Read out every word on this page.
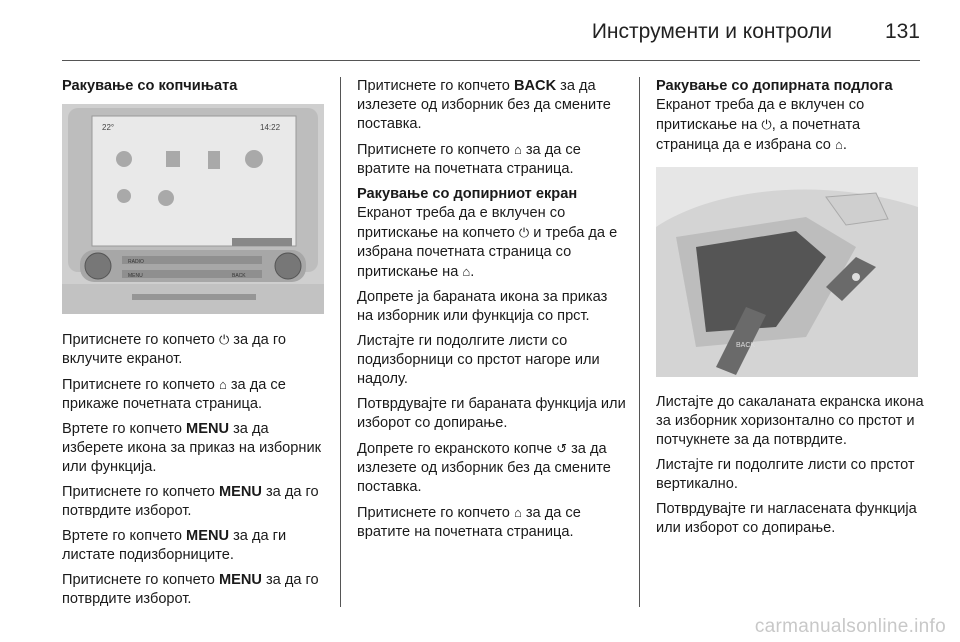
Инструменти и контроли	131
Ракување со копчињата
22°	14:22
RADIO
MENU	BACK

Притиснете го копчето ⏻ за да го вклучите екранот.

Притиснете го копчето ⌂ за да се прикаже почетната страница.

Вртете го копчето MENU за да изберете икона за приказ на изборник или функција.

Притиснете го копчето MENU за да го потврдите изборот.

Вртете го копчето MENU за да ги листате подизборниците.

Притиснете го копчето MENU за да го потврдите изборот.

Притиснете го копчето BACK за да излезете од изборник без да смените поставка.

Притиснете го копчето ⌂ за да се вратите на почетната страница.

Ракување со допирниот екран

Екранот треба да е вклучен со притискање на копчето ⏻ и треба да е избрана почетната страница со притискање на ⌂.

Допрете ја бараната икона за приказ на изборник или функција со прст.

Листајте ги подолгите листи со подизборници со прстот нагоре или надолу.

Потврдувајте ги бараната функција или изборот со допирање.

Допрете го екранското копче ↺ за да излезете од изборник без да смените поставка.

Притиснете го копчето ⌂ за да се вратите на почетната страница.

Ракување со допирната подлога

Екранот треба да е вклучен со притискање на ⏻, а почетната страница да е избрана со ⌂.

BACK

Листајте до сакаланата екранска икона за изборник хоризонтално со прстот и потчукнете за да потврдите.

Листајте ги подолгите листи со прстот вертикално.

Потврдувајте ги нагласената функција или изборот со допирање.

carmanualsonline.info
